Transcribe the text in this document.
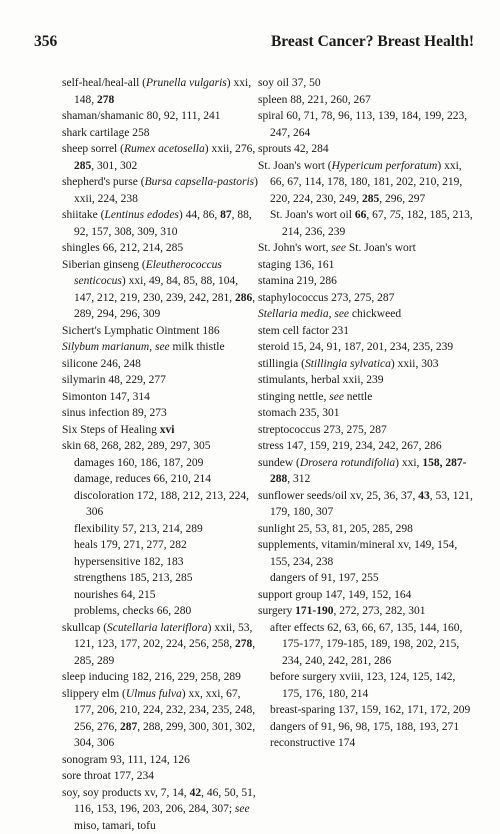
356	Breast Cancer? Breast Health!
self-heal/heal-all (Prunella vulgaris) xxi, 148, 278
shaman/shamanic 80, 92, 111, 241
shark cartilage 258
sheep sorrel (Rumex acetosella) xxii, 276, 285, 301, 302
shepherd's purse (Bursa capsella-pastoris) xxii, 224, 238
shiitake (Lentinus edodes) 44, 86, 87, 88, 92, 157, 308, 309, 310
shingles 66, 212, 214, 285
Siberian ginseng (Eleutherococcus senticocus) xxi, 49, 84, 85, 88, 104, 147, 212, 219, 230, 239, 242, 281, 286, 289, 294, 296, 309
Sichert's Lymphatic Ointment 186
Silybum marianum, see milk thistle
silicone 246, 248
silymarin 48, 229, 277
Simonton 147, 314
sinus infection 89, 273
Six Steps of Healing xvi
skin 68, 268, 282, 289, 297, 305
damages 160, 186, 187, 209
damage, reduces 66, 210, 214
discoloration 172, 188, 212, 213, 224, 306
flexibility 57, 213, 214, 289
heals 179, 271, 277, 282
hypersensitive 182, 183
strengthens 185, 213, 285
nourishes 64, 215
problems, checks 66, 280
skullcap (Scutellaria lateriflora) xxii, 53, 121, 123, 177, 202, 224, 256, 258, 278, 285, 289
sleep inducing 182, 216, 229, 258, 289
slippery elm (Ulmus fulva) xx, xxi, 67, 177, 206, 210, 224, 232, 234, 235, 248, 256, 276, 287, 288, 299, 300, 301, 302, 304, 306
sonogram 93, 111, 124, 126
sore throat 177, 234
soy, soy products xv, 7, 14, 42, 46, 50, 51, 116, 153, 196, 203, 206, 284, 307; see miso, tamari, tofu
soy oil 37, 50
spleen 88, 221, 260, 267
spiral 60, 71, 78, 96, 113, 139, 184, 199, 223, 247, 264
sprouts 42, 284
St. Joan's wort (Hypericum perforatum) xxi, 66, 67, 114, 178, 180, 181, 202, 210, 219, 220, 224, 230, 249, 285, 296, 297
St. Joan's wort oil 66, 67, 75, 182, 185, 213, 214, 236, 239
St. John's wort, see St. Joan's wort
staging 136, 161
stamina 219, 286
staphylococcus 273, 275, 287
Stellaria media, see chickweed
stem cell factor 231
steroid 15, 24, 91, 187, 201, 234, 235, 239
stillingia (Stillingia sylvatica) xxii, 303
stimulants, herbal xxii, 239
stinging nettle, see nettle
stomach 235, 301
streptococcus 273, 275, 287
stress 147, 159, 219, 234, 242, 267, 286
sundew (Drosera rotundifolia) xxi, 158, 287-288, 312
sunflower seeds/oil xv, 25, 36, 37, 43, 53, 121, 179, 180, 307
sunlight 25, 53, 81, 205, 285, 298
supplements, vitamin/mineral xv, 149, 154, 155, 234, 238
dangers of 91, 197, 255
support group 147, 149, 152, 164
surgery 171-190, 272, 273, 282, 301
after effects 62, 63, 66, 67, 135, 144, 160, 175-177, 179-185, 189, 198, 202, 215, 234, 240, 242, 281, 286
before surgery xviii, 123, 124, 125, 142, 175, 176, 180, 214
breast-sparing 137, 159, 162, 171, 172, 209
dangers of 91, 96, 98, 175, 188, 193, 271
reconstructive 174
